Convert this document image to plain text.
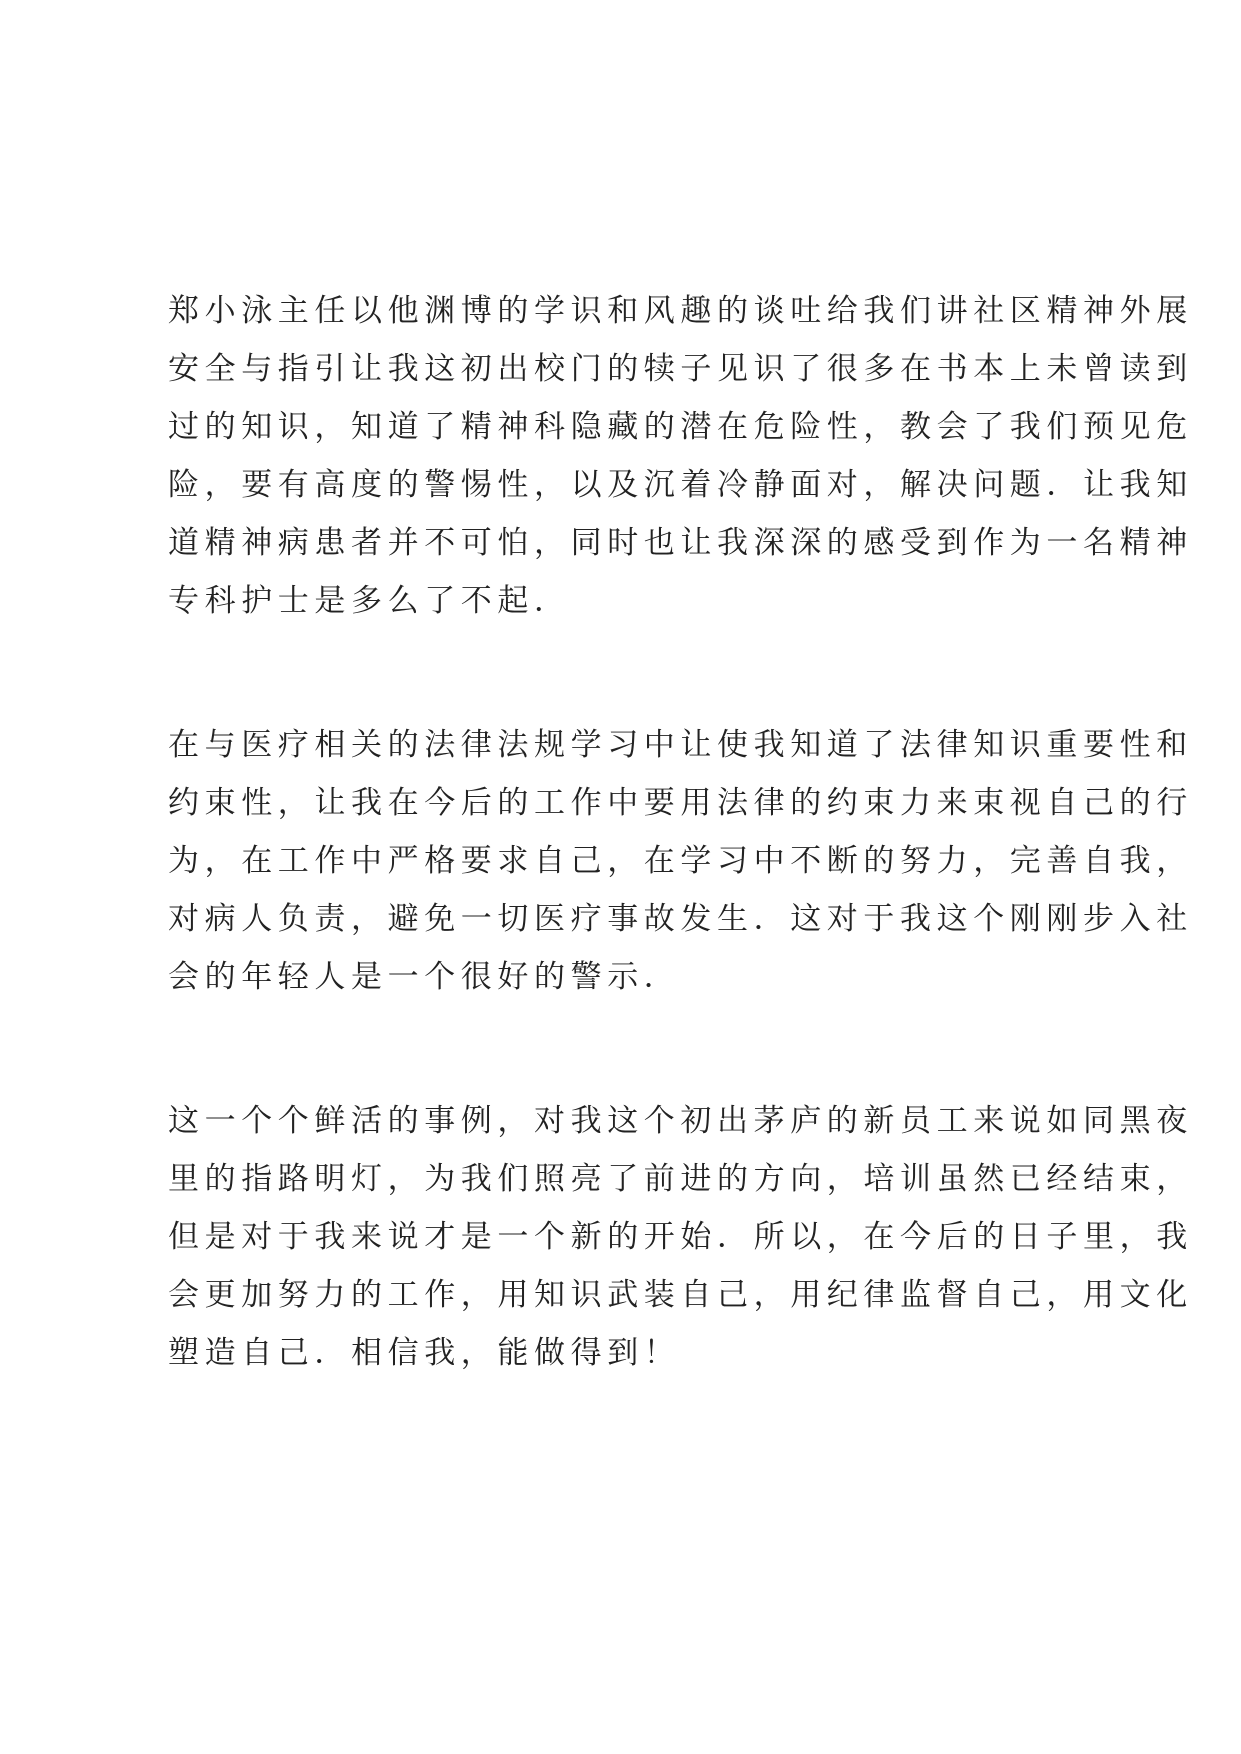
郑小泳主任以他渊博的学识和风趣的谈吐给我们讲社区精神外展
安全与指引让我这初出校门的犊子见识了很多在书本上未曾读到
过的知识，知道了精神科隐藏的潜在危险性，教会了我们预见危
险，要有高度的警惕性，以及沉着冷静面对，解决问题．让我知
道精神病患者并不可怕，同时也让我深深的感受到作为一名精神
专科护士是多么了不起．
在与医疗相关的法律法规学习中让使我知道了法律知识重要性和
约束性，让我在今后的工作中要用法律的约束力来束视自己的行
为，在工作中严格要求自己，在学习中不断的努力，完善自我，
对病人负责，避免一切医疗事故发生．这对于我这个刚刚步入社
会的年轻人是一个很好的警示．
这一个个鲜活的事例，对我这个初出茅庐的新员工来说如同黑夜
里的指路明灯，为我们照亮了前进的方向，培训虽然已经结束，
但是对于我来说才是一个新的开始．所以，在今后的日子里，我
会更加努力的工作，用知识武装自己，用纪律监督自己，用文化
塑造自己．相信我，能做得到！
